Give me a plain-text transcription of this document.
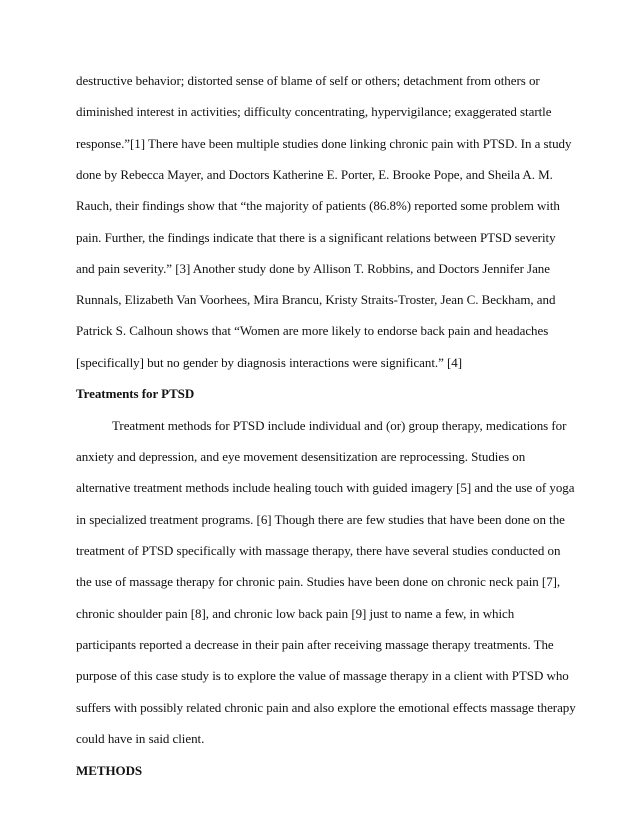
destructive behavior; distorted sense of blame of self or others; detachment from others or
diminished interest in activities; difficulty concentrating, hypervigilance; exaggerated startle
response.”[1] There have been multiple studies done linking chronic pain with PTSD. In a study
done by Rebecca Mayer, and Doctors Katherine E. Porter, E. Brooke Pope, and Sheila A. M.
Rauch, their findings show that “the majority of patients (86.8%) reported some problem with
pain. Further, the findings indicate that there is a significant relations between PTSD severity
and pain severity.” [3] Another study done by Allison T. Robbins, and Doctors Jennifer Jane
Runnals, Elizabeth Van Voorhees, Mira Brancu, Kristy Straits-Troster, Jean C. Beckham, and
Patrick S. Calhoun shows that “Women are more likely to endorse back pain and headaches
[specifically] but no gender by diagnosis interactions were significant.” [4]
Treatments for PTSD
Treatment methods for PTSD include individual and (or) group therapy, medications for
anxiety and depression, and eye movement desensitization are reprocessing. Studies on
alternative treatment methods include healing touch with guided imagery [5] and the use of yoga
in specialized treatment programs. [6] Though there are few studies that have been done on the
treatment of PTSD specifically with massage therapy, there have several studies conducted on
the use of massage therapy for chronic pain. Studies have been done on chronic neck pain [7],
chronic shoulder pain [8], and chronic low back pain [9] just to name a few, in which
participants reported a decrease in their pain after receiving massage therapy treatments. The
purpose of this case study is to explore the value of massage therapy in a client with PTSD who
suffers with possibly related chronic pain and also explore the emotional effects massage therapy
could have in said client.
METHODS
